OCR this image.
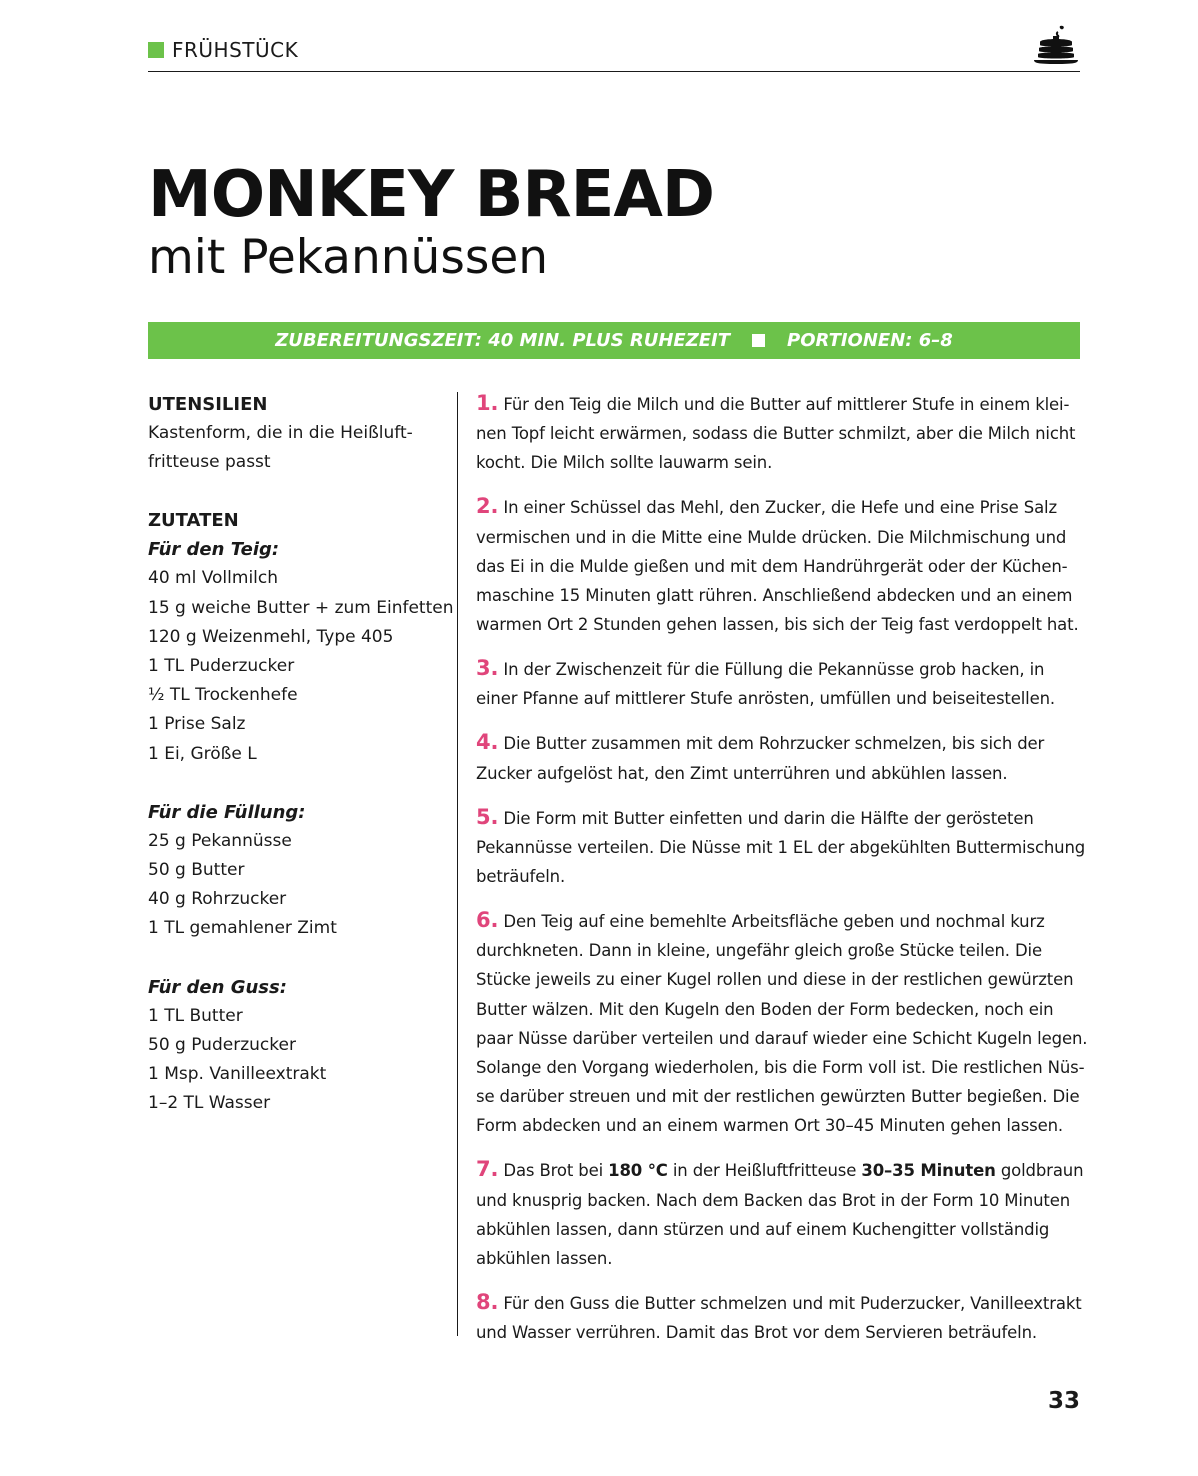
FRÜHSTÜCK
MONKEY BREAD
mit Pekannüssen
ZUBEREITUNGSZEIT: 40 MIN. PLUS RUHEZEIT	PORTIONEN: 6–8

UTENSILIEN

Kastenform, die in die Heißluft-

fritteuse passt

ZUTATEN

Für den Teig:

40 ml Vollmilch

15 g weiche Butter + zum Einfetten

120 g Weizenmehl, Type 405

1 TL Puderzucker

½ TL Trockenhefe

1 Prise Salz

1 Ei, Größe L

Für die Füllung:

25 g Pekannüsse

50 g Butter

40 g Rohrzucker

1 TL gemahlener Zimt

Für den Guss:

1 TL Butter

50 g Puderzucker

1 Msp. Vanilleextrakt

1–2 TL Wasser

1. Für den Teig die Milch und die Butter auf mittlerer Stufe in einem klei-nen Topf leicht erwärmen, sodass die Butter schmilzt, aber die Milch nicht kocht. Die Milch sollte lauwarm sein.

2. In einer Schüssel das Mehl, den Zucker, die Hefe und eine Prise Salz vermischen und in die Mitte eine Mulde drücken. Die Milchmischung und das Ei in die Mulde gießen und mit dem Handrührgerät oder der Küchen-maschine 15 Minuten glatt rühren. Anschließend abdecken und an einem warmen Ort 2 Stunden gehen lassen, bis sich der Teig fast verdoppelt hat.

3. In der Zwischenzeit für die Füllung die Pekannüsse grob hacken, in einer Pfanne auf mittlerer Stufe anrösten, umfüllen und beiseitestellen.

4. Die Butter zusammen mit dem Rohrzucker schmelzen, bis sich der Zucker aufgelöst hat, den Zimt unterrühren und abkühlen lassen.

5. Die Form mit Butter einfetten und darin die Hälfte der gerösteten Pekannüsse verteilen. Die Nüsse mit 1 EL der abgekühlten Buttermischung beträufeln.

6. Den Teig auf eine bemehlte Arbeitsfläche geben und nochmal kurz durchkneten. Dann in kleine, ungefähr gleich große Stücke teilen. Die Stücke jeweils zu einer Kugel rollen und diese in der restlichen gewürzten Butter wälzen. Mit den Kugeln den Boden der Form bedecken, noch ein paar Nüsse darüber verteilen und darauf wieder eine Schicht Kugeln legen. Solange den Vorgang wiederholen, bis die Form voll ist. Die restlichen Nüs-se darüber streuen und mit der restlichen gewürzten Butter begießen. Die Form abdecken und an einem warmen Ort 30–45 Minuten gehen lassen.

7. Das Brot bei 180 °C in der Heißluftfritteuse 30–35 Minuten goldbraun und knusprig backen. Nach dem Backen das Brot in der Form 10 Minuten abkühlen lassen, dann stürzen und auf einem Kuchengitter vollständig abkühlen lassen.

8. Für den Guss die Butter schmelzen und mit Puderzucker, Vanilleextrakt und Wasser verrühren. Damit das Brot vor dem Servieren beträufeln.

33
